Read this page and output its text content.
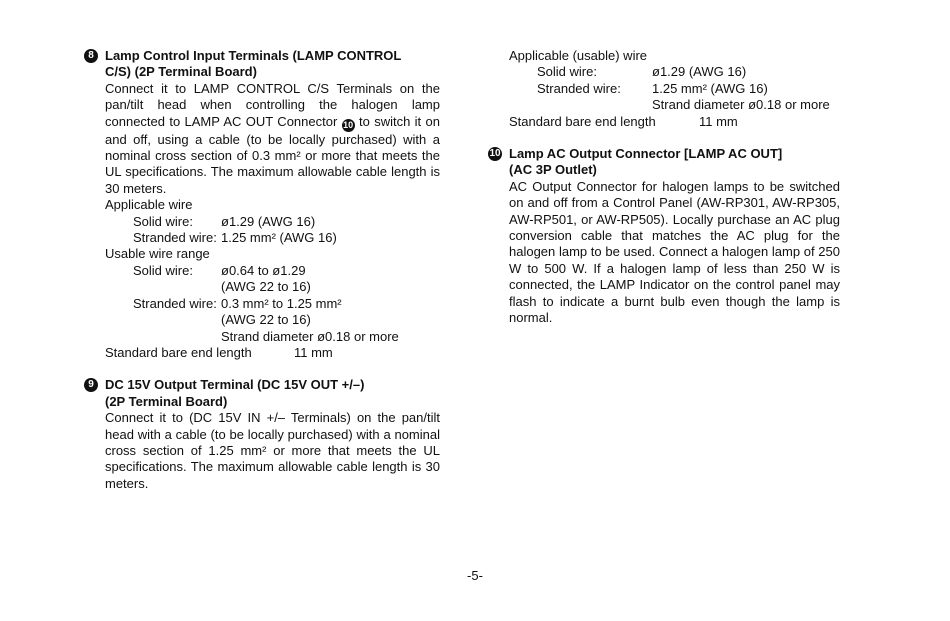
8 Lamp Control Input Terminals (LAMP CONTROL
C/S) (2P Terminal Board)
Connect it to LAMP CONTROL C/S Terminals on the pan/tilt head when controlling the halogen lamp connected to LAMP AC OUT Connector 10 to switch it on and off, using a cable (to be locally purchased) with a nominal cross section of 0.3 mm² or more that meets the UL specifications. The maximum allowable cable length is 30 meters.
Applicable wire
Solid wire:	ø1.29 (AWG 16)
Stranded wire: 1.25 mm² (AWG 16)
Usable wire range
Solid wire:	ø0.64 to ø1.29
(AWG 22 to 16)
Stranded wire: 0.3 mm² to 1.25 mm²
(AWG 22 to 16)
Strand diameter ø0.18 or more
Standard bare end length	11 mm
9 DC 15V Output Terminal (DC 15V OUT +/–)
(2P Terminal Board)
Connect it to (DC 15V IN +/– Terminals) on the pan/tilt head with a cable (to be locally purchased) with a nominal cross section of 1.25 mm² or more that meets the UL specifications. The maximum allowable cable length is 30 meters.
Applicable (usable) wire
Solid wire:	ø1.29 (AWG 16)
Stranded wire:	1.25 mm² (AWG 16)
Strand diameter ø0.18 or more
Standard bare end length	11 mm
10 Lamp AC Output Connector [LAMP AC OUT]
(AC 3P Outlet)
AC Output Connector for halogen lamps to be switched on and off from a Control Panel (AW-RP301, AW-RP305, AW-RP501, or AW-RP505). Locally purchase an AC plug conversion cable that matches the AC plug for the halogen lamp to be used. Connect a halogen lamp of 250 W to 500 W. If a halogen lamp of less than 250 W is connected, the LAMP Indicator on the control panel may flash to indicate a burnt bulb even though the lamp is normal.
-5-
